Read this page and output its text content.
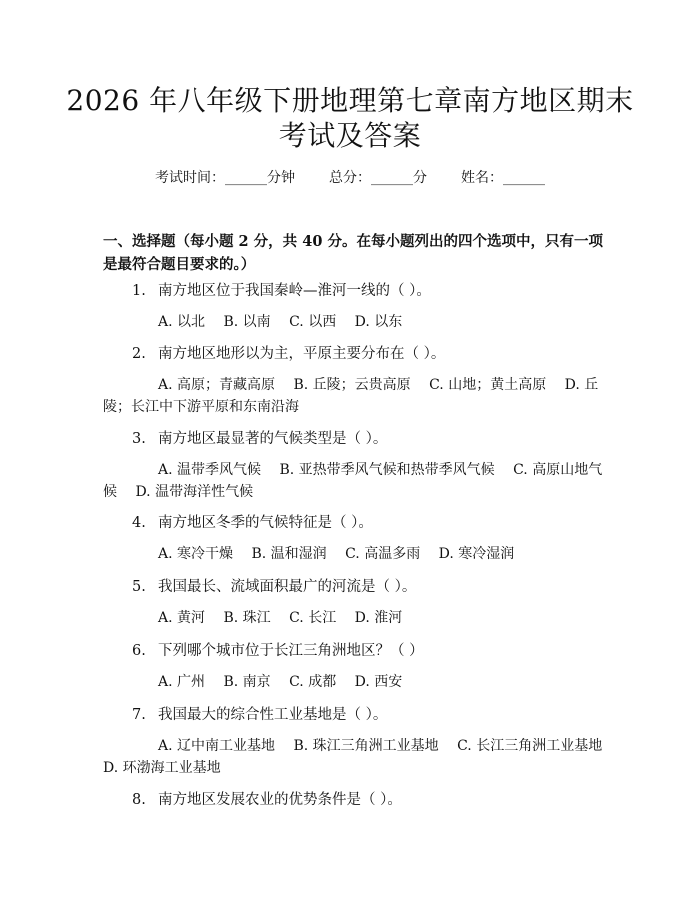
2026 年八年级下册地理第七章南方地区期末
考试及答案
考试时间：______分钟 总分：______分 姓名：______
一、选择题（每小题 2 分，共 40 分。在每小题列出的四个选项中，只有一项是最符合题目要求的。）
1. 南方地区位于我国秦岭—淮河一线的（ ）。
A. 以北　 B. 以南　 C. 以西　 D. 以东
2. 南方地区地形以为主，平原主要分布在（ ）。
A. 高原；青藏高原　 B. 丘陵；云贵高原　 C. 山地；黄土高原　 D. 丘陵；长江中下游平原和东南沿海
3. 南方地区最显著的气候类型是（ ）。
A. 温带季风气候　 B. 亚热带季风气候和热带季风气候　 C. 高原山地气候　 D. 温带海洋性气候
4. 南方地区冬季的气候特征是（ ）。
A. 寒冷干燥　 B. 温和湿润　 C. 高温多雨　 D. 寒冷湿润
5. 我国最长、流域面积最广的河流是（ ）。
A. 黄河　 B. 珠江　 C. 长江　 D. 淮河
6. 下列哪个城市位于长江三角洲地区？（ ）
A. 广州　 B. 南京　 C. 成都　 D. 西安
7. 我国最大的综合性工业基地是（ ）。
A. 辽中南工业基地　 B. 珠江三角洲工业基地　 C. 长江三角洲工业基地　 D. 环渤海工业基地
8. 南方地区发展农业的优势条件是（ ）。
